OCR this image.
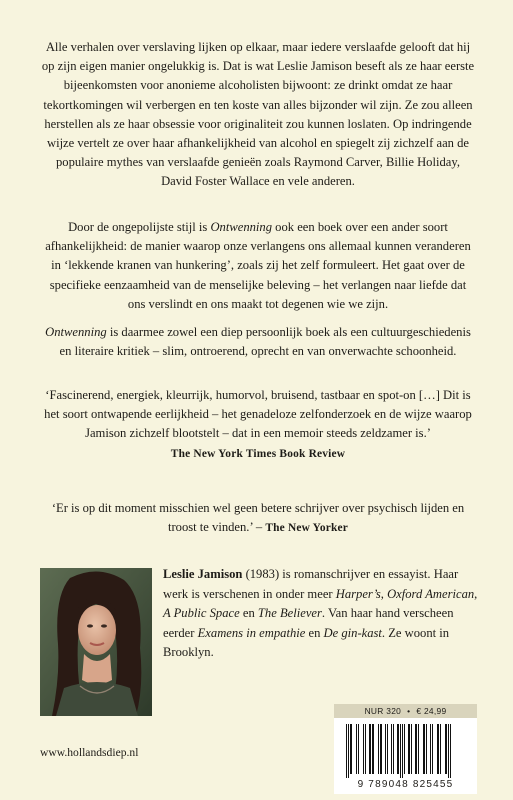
Alle verhalen over verslaving lijken op elkaar, maar iedere verslaafde gelooft dat hij op zijn eigen manier ongelukkig is. Dat is wat Leslie Jamison beseft als ze haar eerste bijeenkomsten voor anonieme alcoholisten bijwoont: ze drinkt omdat ze haar tekortkomingen wil verbergen en ten koste van alles bijzonder wil zijn. Ze zou alleen herstellen als ze haar obsessie voor originaliteit zou kunnen loslaten. Op indringende wijze vertelt ze over haar afhankelijkheid van alcohol en spiegelt zij zichzelf aan de populaire mythes van verslaafde genieën zoals Raymond Carver, Billie Holiday, David Foster Wallace en vele anderen.

Door de ongepolijste stijl is Ontwenning ook een boek over een ander soort afhankelijkheid: de manier waarop onze verlangens ons allemaal kunnen veranderen in ‘lekkende kranen van hunkering’, zoals zij het zelf formuleert. Het gaat over de specifieke eenzaamheid van de menselijke beleving – het verlangen naar liefde dat ons verslindt en ons maakt tot degenen wie we zijn.

Ontwenning is daarmee zowel een diep persoonlijk boek als een cultuurgeschiedenis en literaire kritiek – slim, ontroerend, oprecht en van onverwachte schoonheid.

‘Fascinerend, energiek, kleurrijk, humorvol, bruisend, tastbaar en spot-on […] Dit is het soort ontwapende eerlijkheid – het genadeloze zelfonderzoek en de wijze waarop Jamison zichzelf blootstelt – dat in een memoir steeds zeldzamer is.’
The New York Times Book Review

‘Er is op dit moment misschien wel geen betere schrijver over psychisch lijden en troost te vinden.’ – The New Yorker

Leslie Jamison (1983) is romanschrijver en essayist. Haar werk is verschenen in onder meer Harper’s, Oxford American, A Public Space en The Believer. Van haar hand verscheen eerder Examens in empathie en De gin-kast. Ze woont in Brooklyn.

www.hollandsdiep.nl
NUR 320 • € 24,99
9 789048 825455
